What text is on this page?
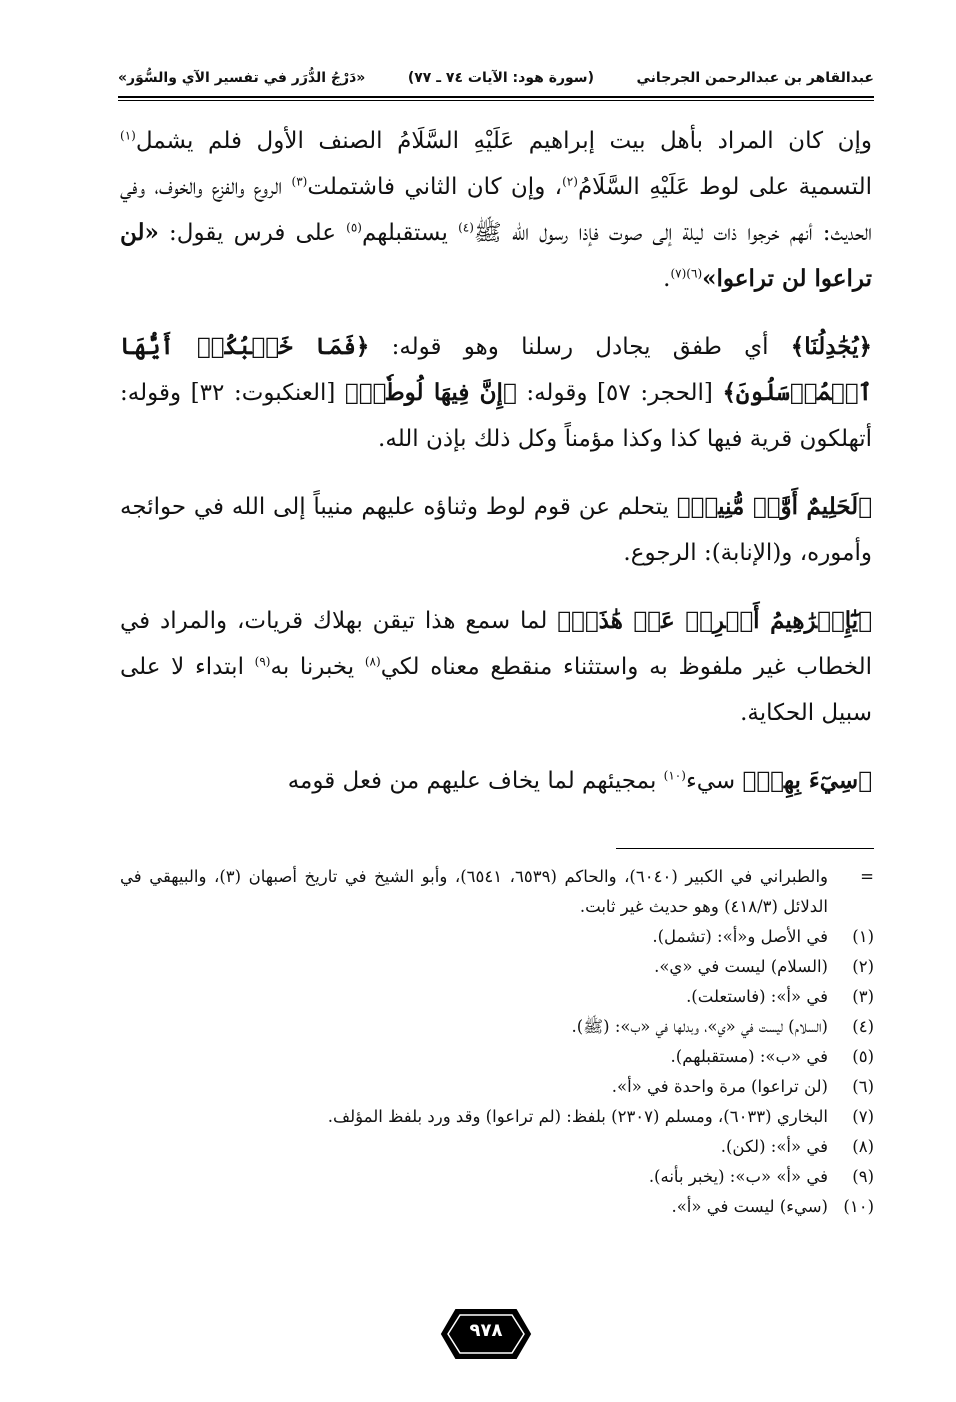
عبدالقاهر بن عبدالرحمن الجرجاني
(سورة هود: الآيات ٧٤ ـ ٧٧)
«دَرْجُ الدُّرَر في تفسير الآي والسُّوَر»

وإن كان المراد بأهل بيت إبراهيم عَلَيْهِ السَّلَامُ الصنف الأول فلم يشمل$^{(١)}$ التسمية على لوط عَلَيْهِ السَّلَامُ$^{(٢)}$، وإن كان الثاني فاشتملت$^{(٣)}$ الروع والفزع والخوف، وفي الحديث: أنهم خرجوا ذات ليلة إلى صوت فإذا رسول الله ﷺ$^{(٤)}$ يستقبلهم$^{(٥)}$ على فرس يقول: «لن تراعوا لن تراعوا»$^{(٦)(٧)}$.

﴿يُجَٰدِلُنَا﴾ أي طفق يجادل رسلنا وهو قوله: ﴿فَمَا خَطۡبُكُمۡ أَيُّهَا ٱلۡمُرۡسَلُونَ﴾ [الحجر: ٥٧] وقوله: ﴿إِنَّ فِيهَا لُوطٗاۚ﴾ [العنكبوت: ٣٢] وقوله: أتهلكون قرية فيها كذا وكذا مؤمناً وكل ذلك بإذن الله.

﴿لَحَلِيمٌ أَوَّٰهٞ مُّنِيبٞ﴾ يتحلم عن قوم لوط وثناؤه عليهم منيباً إلى الله في حوائجه وأموره، و(الإنابة): الرجوع.

﴿يَٰٓإِبۡرَٰهِيمُ أَعۡرِضۡ عَنۡ هَٰذَآۖ﴾ لما سمع هذا تيقن بهلاك قريات، والمراد في الخطاب غير ملفوظ به واستثناء منقطع معناه لكي$^{(٨)}$ يخبرنا به$^{(٩)}$ ابتداء لا على سبيل الحكاية.

﴿سِيٓءَ بِهِمۡ﴾ سيء$^{(١٠)}$ بمجيئهم لما يخاف عليهم من فعل قومه

=
والطبراني في الكبير (٦٠٤٠)، والحاكم (٦٥٣٩، ٦٥٤١)، وأبو الشيخ في تاريخ أصبهان (٣)، والبيهقي في الدلائل (٤١٨/٣) وهو حديث غير ثابت.
(١)
في الأصل و«أ»: (تشمل).
(٢)
(السلام) ليست في «ي».
(٣)
في «أ»: (فاستعلت).
(٤)
(السلام) ليست في «ي»، وبدلها في «ب»: (ﷺ).
(٥)
في «ب»: (مستقبلهم).
(٦)
(لن تراعوا) مرة واحدة في «أ».
(٧)
البخاري (٦٠٣٣)، ومسلم (٢٣٠٧) بلفظ: (لم تراعوا) وقد ورد بلفظ المؤلف.
(٨)
في «أ»: (لكن).
(٩)
في «أ» «ب»: (يخبر بأنه).
(١٠)
(سيء) ليست في «أ».
٩٧٨
